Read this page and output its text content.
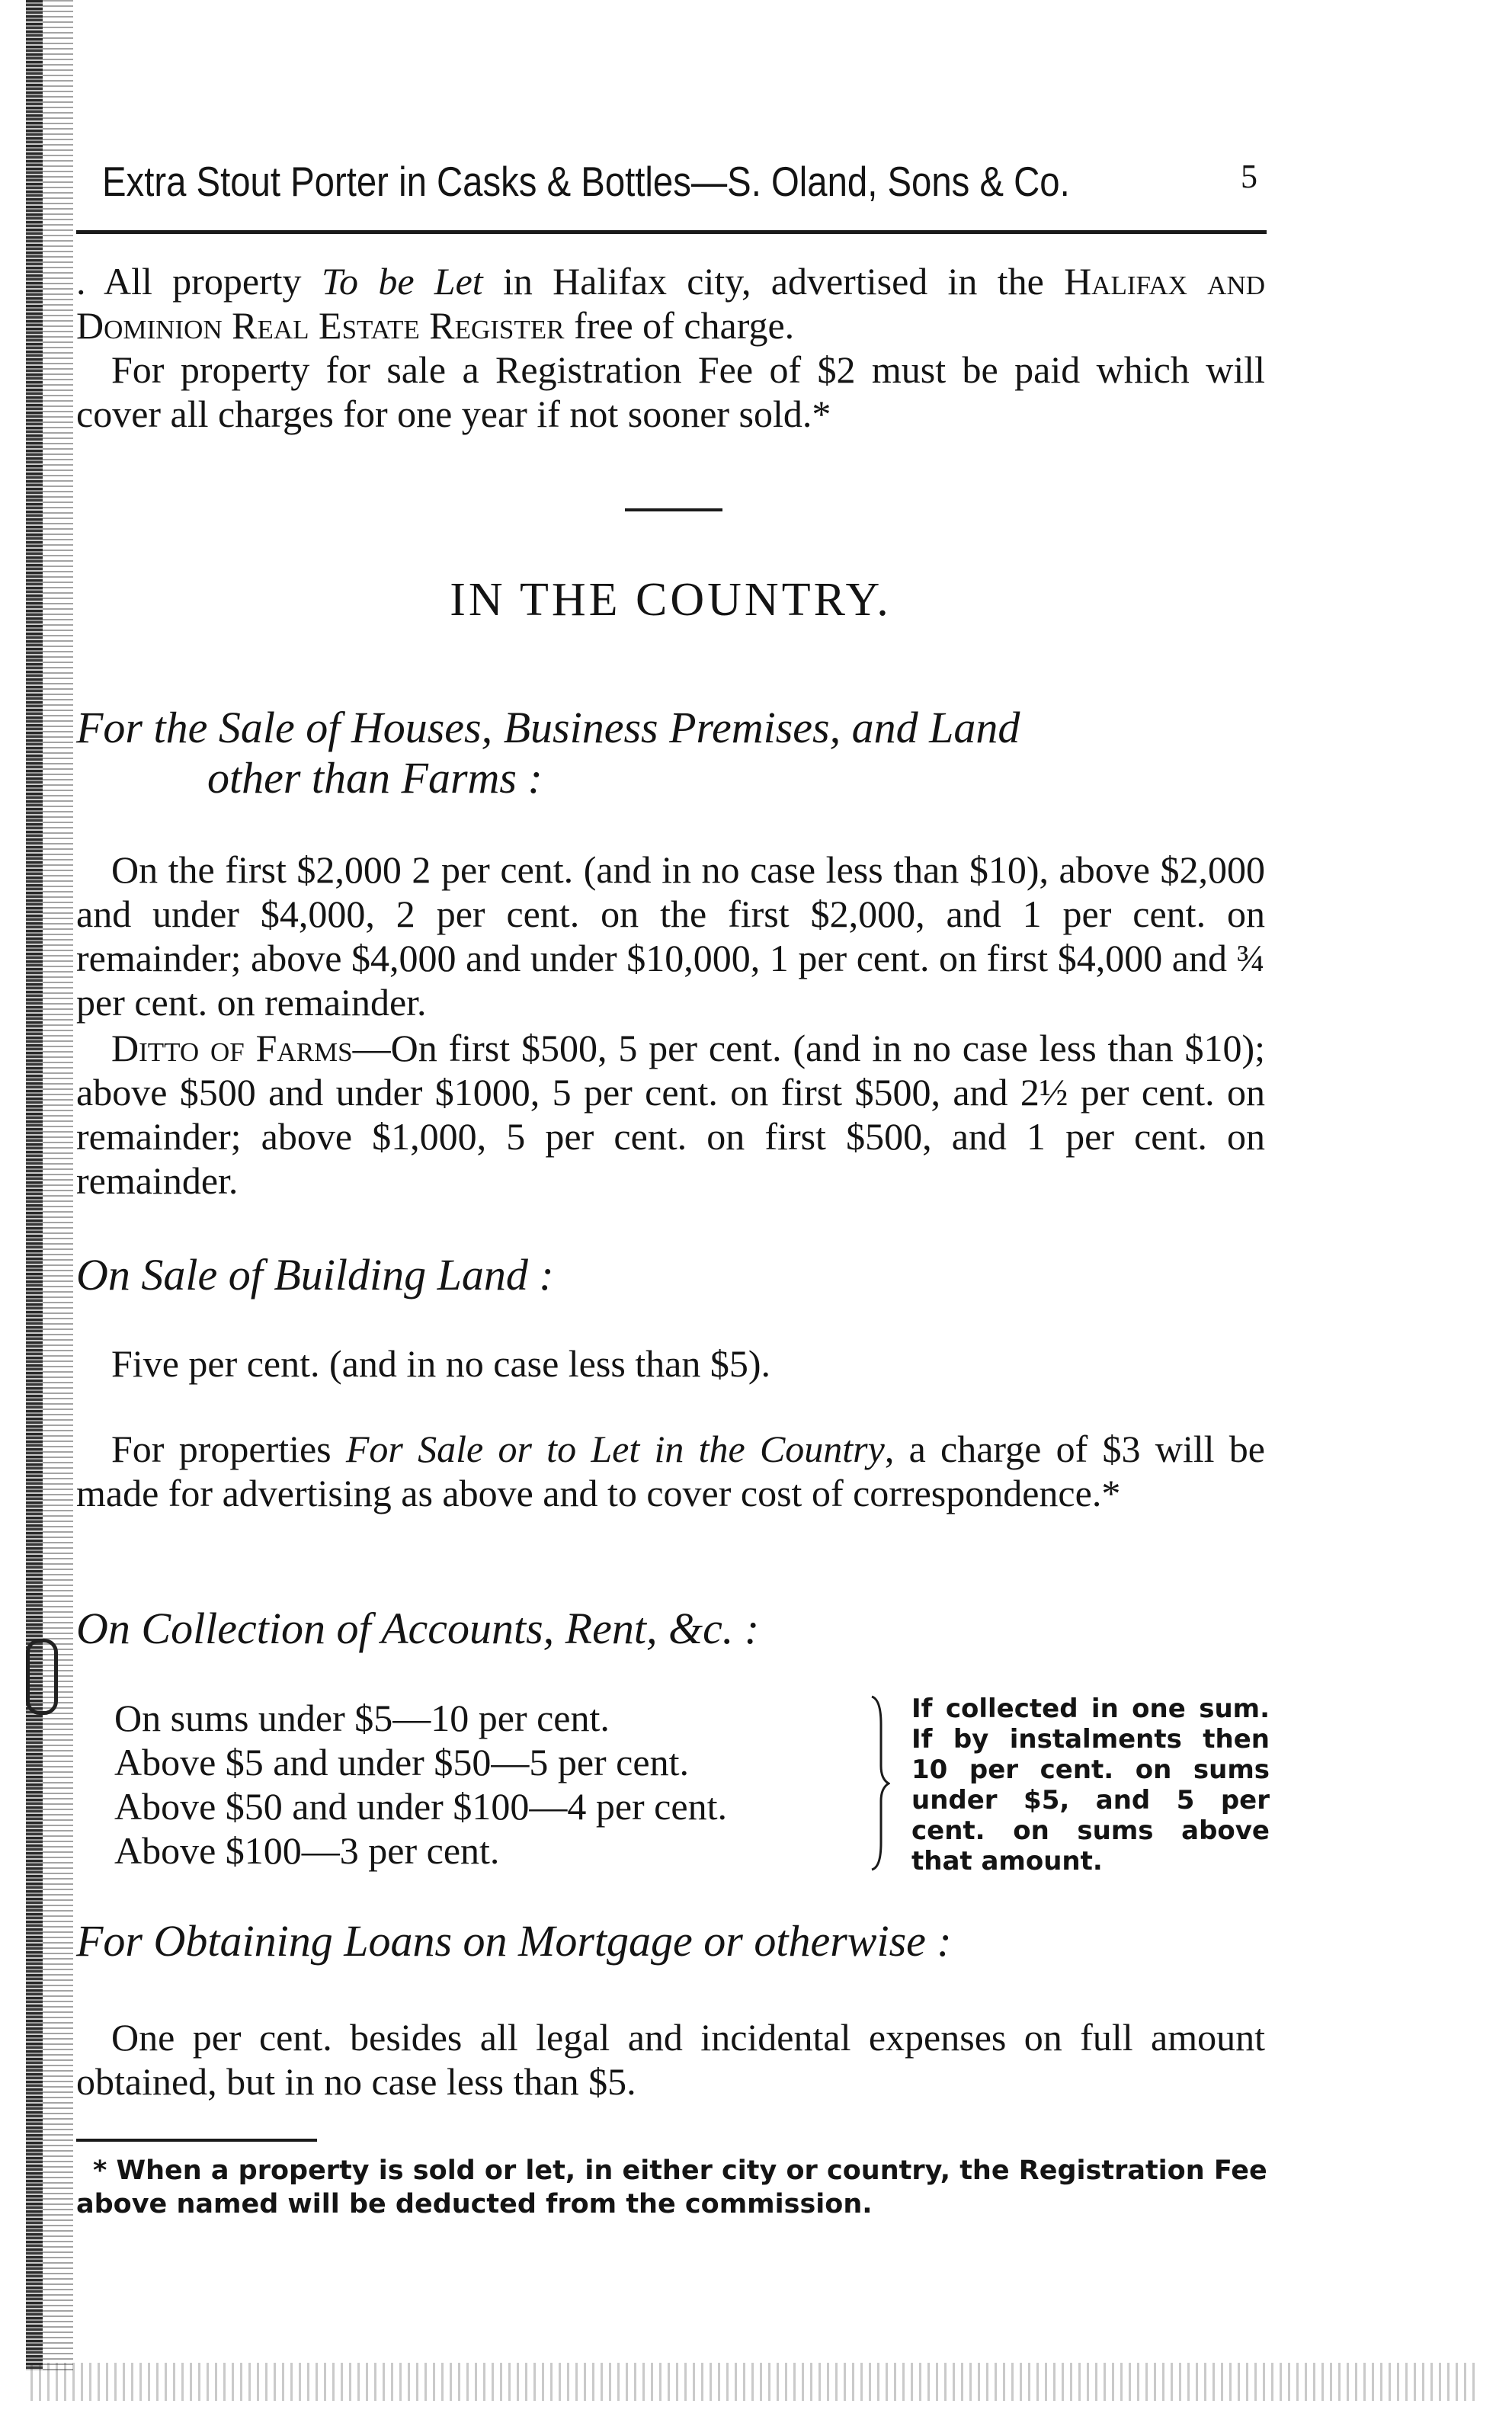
Extra Stout Porter in Casks & Bottles—S. Oland, Sons & Co.	5
. All property To be Let in Halifax city, advertised in the Halifax and Dominion Real Estate Register free of charge.
For property for sale a Registration Fee of $2 must be paid which will cover all charges for one year if not sooner sold.*
IN THE COUNTRY.
For the Sale of Houses, Business Premises, and Land
other than Farms :
On the first $2,000 2 per cent. (and in no case less than $10), above $2,000 and under $4,000, 2 per cent. on the first $2,000, and 1 per cent. on remainder; above $4,000 and under $10,000, 1 per cent. on first $4,000 and ¾ per cent. on remainder.
Ditto of Farms—On first $500, 5 per cent. (and in no case less than $10); above $500 and under $1000, 5 per cent. on first $500, and 2½ per cent. on remainder; above $1,000, 5 per cent. on first $500, and 1 per cent. on remainder.
On Sale of Building Land :
Five per cent. (and in no case less than $5).
For properties For Sale or to Let in the Country, a charge of $3 will be made for advertising as above and to cover cost of correspondence.*
On Collection of Accounts, Rent, &c. :
On sums under $5—10 per cent.
Above $5 and under $50—5 per cent.
Above $50 and under $100—4 per cent.
Above $100—3 per cent.
If collected in one sum. If by instalments then 10 per cent. on sums under $5, and 5 per cent. on sums above that amount.
For Obtaining Loans on Mortgage or otherwise :
One per cent. besides all legal and incidental expenses on full amount obtained, but in no case less than $5.
* When a property is sold or let, in either city or country, the Registration Fee above named will be deducted from the commission.
